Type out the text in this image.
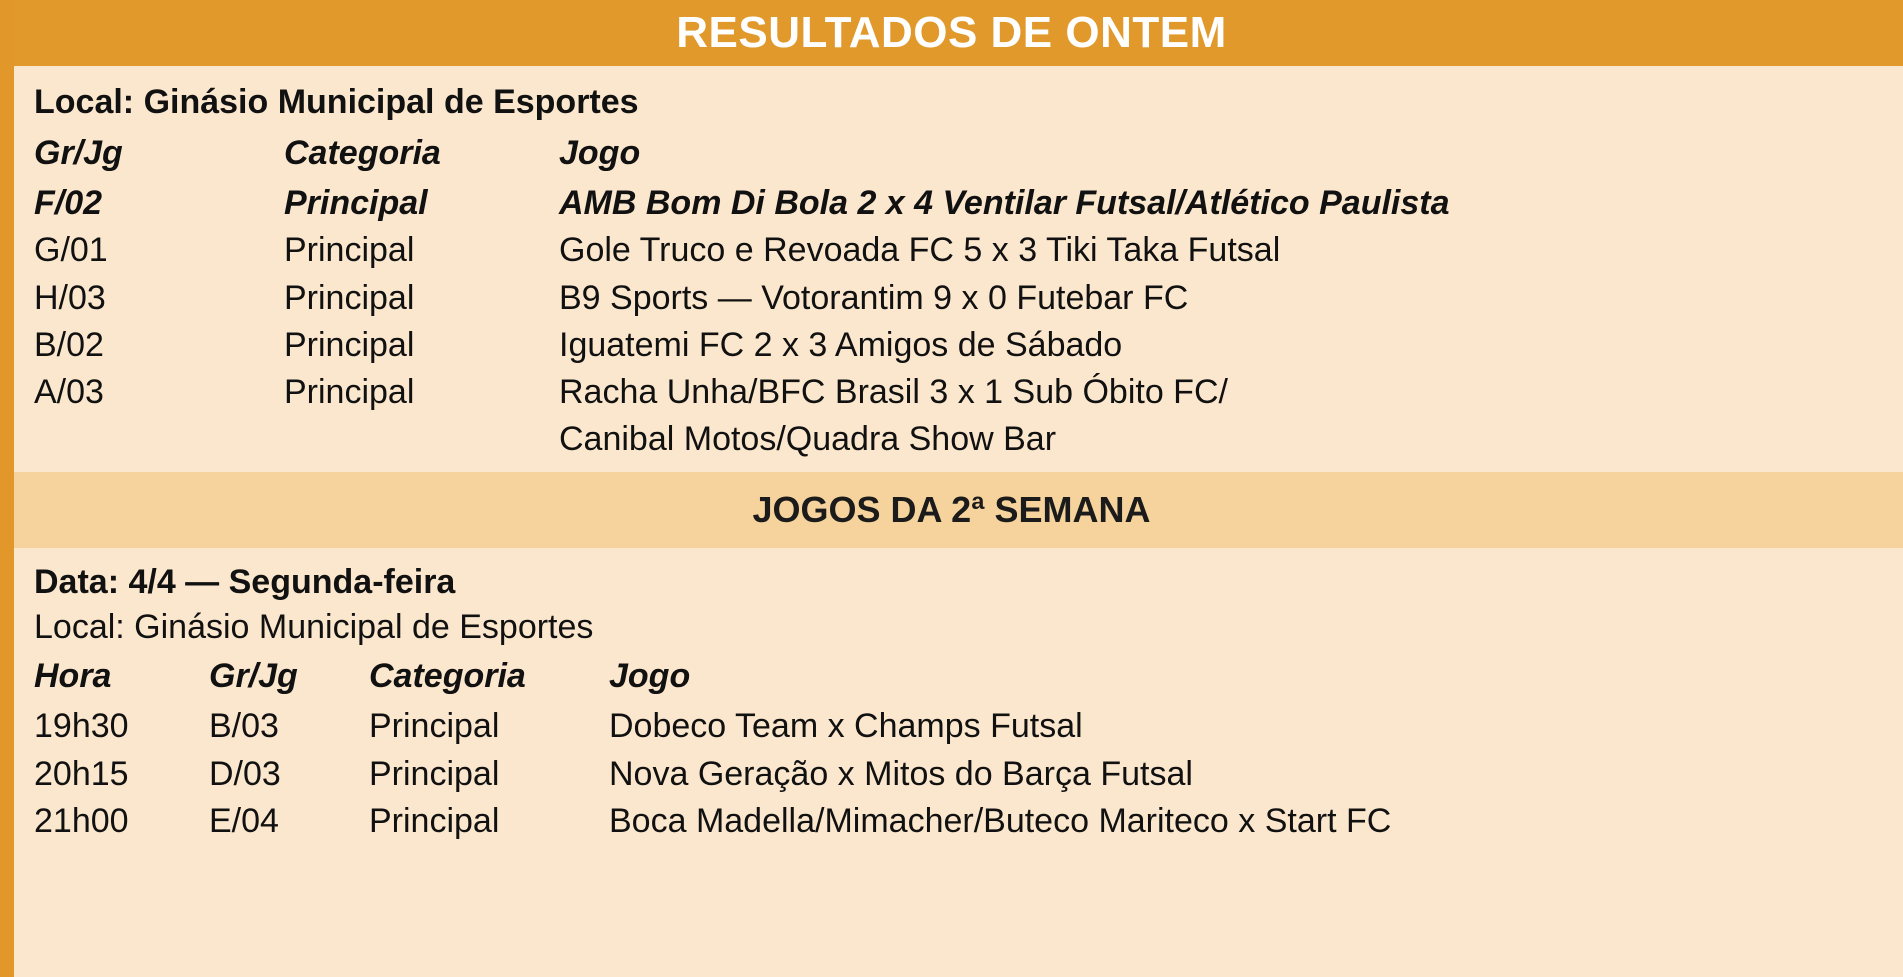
RESULTADOS DE ONTEM
Local: Ginásio Municipal de Esportes
Gr/Jg	Categoria	Jogo
F/02	Principal	AMB Bom Di Bola 2 x 4 Ventilar Futsal/Atlético Paulista
G/01	Principal	Gole Truco e Revoada FC 5 x 3 Tiki Taka Futsal
H/03	Principal	B9 Sports — Votorantim 9 x 0 Futebar FC
B/02	Principal	Iguatemi FC 2 x 3 Amigos de Sábado
A/03	Principal	Racha Unha/BFC Brasil 3 x 1 Sub Óbito FC/
		Canibal Motos/Quadra Show Bar
JOGOS DA 2ª SEMANA
Data: 4/4 — Segunda-feira
Local: Ginásio Municipal de Esportes
Hora	Gr/Jg	Categoria	Jogo
19h30	B/03	Principal	Dobeco Team x Champs Futsal
20h15	D/03	Principal	Nova Geração x Mitos do Barça Futsal
21h00	E/04	Principal	Boca Madella/Mimacher/Buteco Mariteco x Start FC
